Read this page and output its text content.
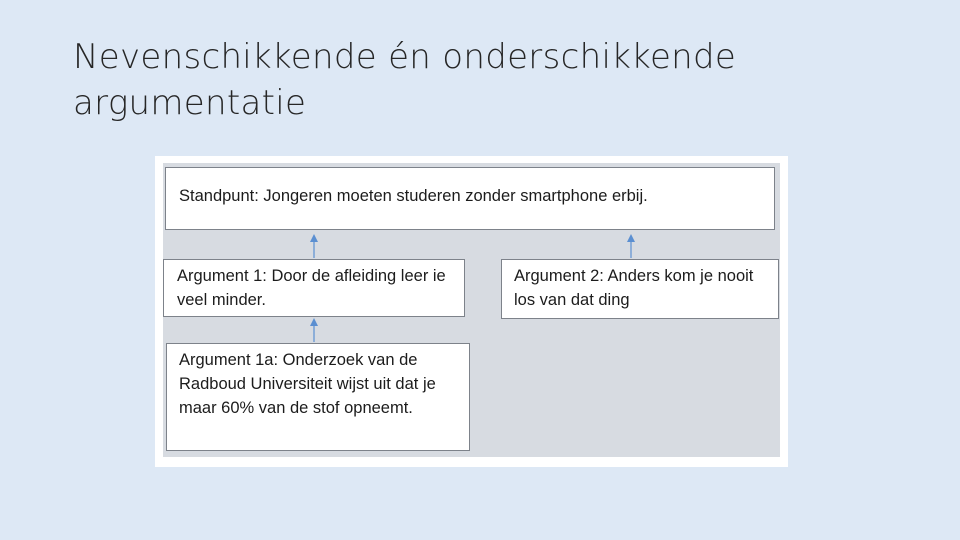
Nevenschikkende én onderschikkende
argumentatie
Standpunt: Jongeren moeten studeren zonder smartphone erbij.
Argument 1: Door de afleiding leer ie veel minder.
Argument 2: Anders kom je nooit los van dat ding
Argument 1a: Onderzoek van de Radboud Universiteit wijst uit dat je maar 60% van de stof opneemt.
